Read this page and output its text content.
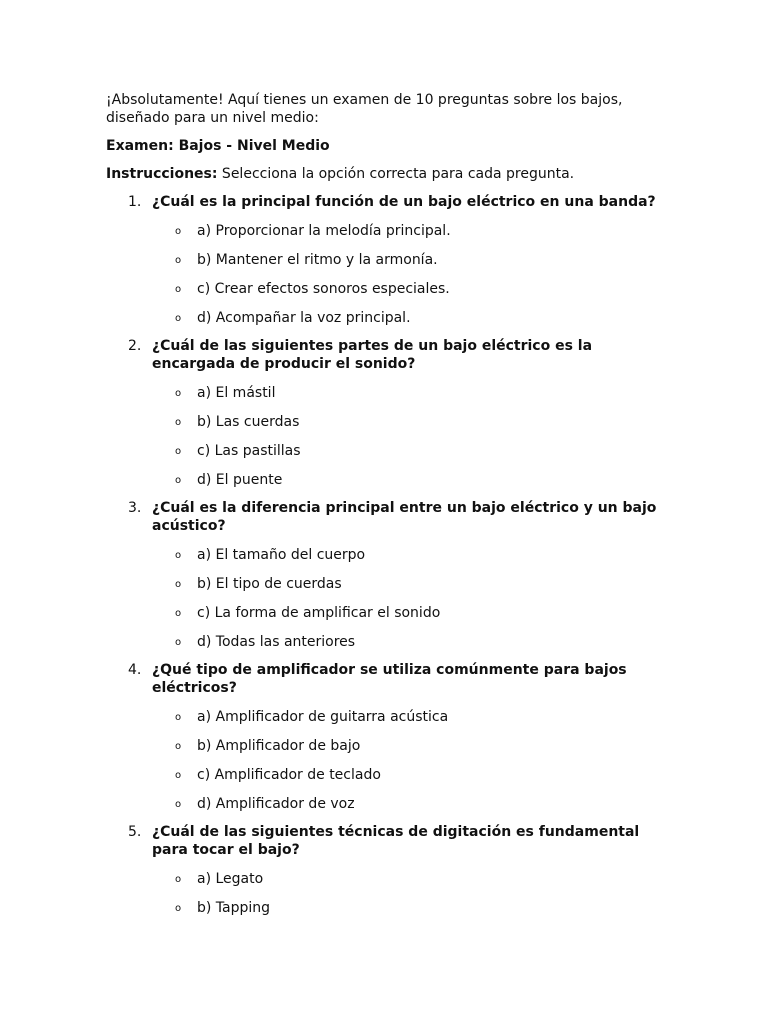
¡Absolutamente! Aquí tienes un examen de 10 preguntas sobre los bajos, diseñado para un nivel medio:

Examen: Bajos - Nivel Medio

Instrucciones: Selecciona la opción correcta para cada pregunta.

1. ¿Cuál es la principal función de un bajo eléctrico en una banda?
o a) Proporcionar la melodía principal.
o b) Mantener el ritmo y la armonía.
o c) Crear efectos sonoros especiales.
o d) Acompañar la voz principal.
2. ¿Cuál de las siguientes partes de un bajo eléctrico es la encargada de producir el sonido?
o a) El mástil
o b) Las cuerdas
o c) Las pastillas
o d) El puente
3. ¿Cuál es la diferencia principal entre un bajo eléctrico y un bajo acústico?
o a) El tamaño del cuerpo
o b) El tipo de cuerdas
o c) La forma de amplificar el sonido
o d) Todas las anteriores
4. ¿Qué tipo de amplificador se utiliza comúnmente para bajos eléctricos?
o a) Amplificador de guitarra acústica
o b) Amplificador de bajo
o c) Amplificador de teclado
o d) Amplificador de voz
5. ¿Cuál de las siguientes técnicas de digitación es fundamental para tocar el bajo?
o a) Legato
o b) Tapping
